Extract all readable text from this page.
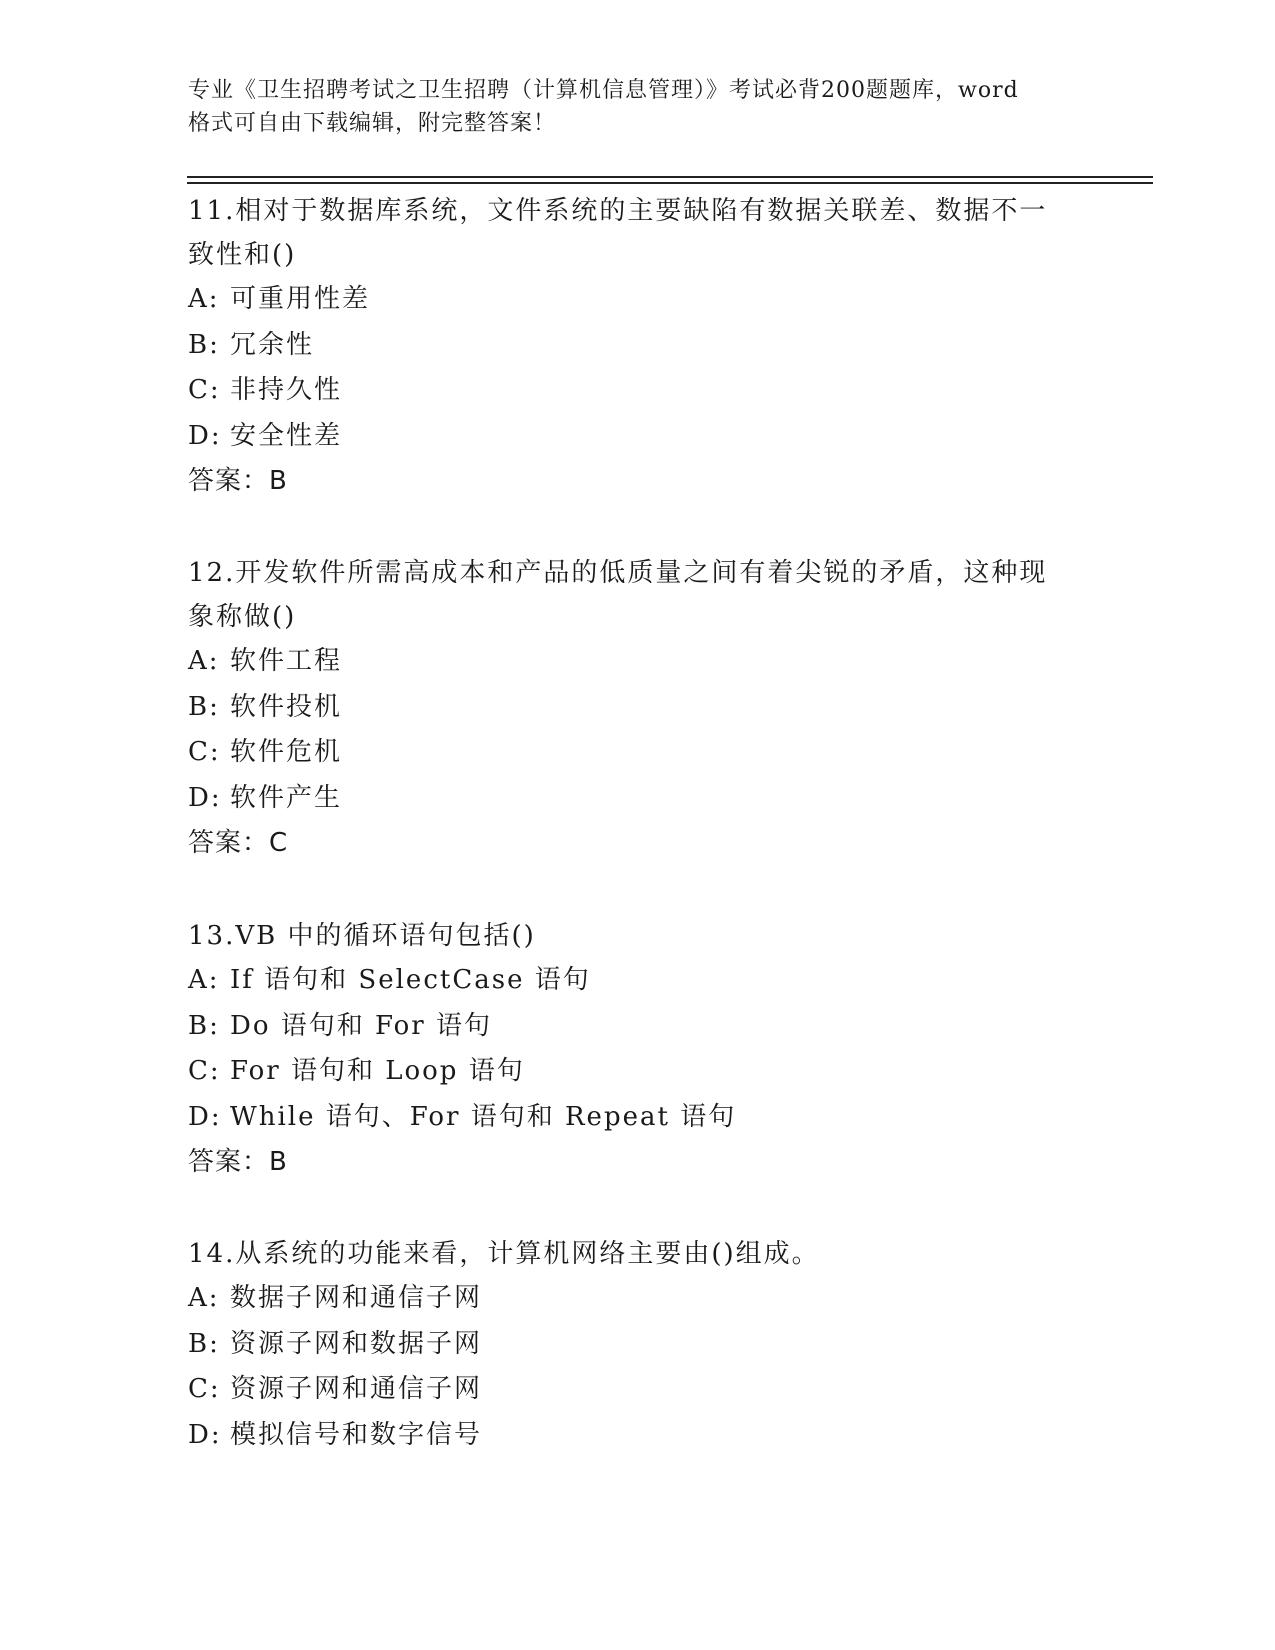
专业《卫生招聘考试之卫生招聘（计算机信息管理）》考试必背200题题库，word
格式可自由下载编辑，附完整答案！

11.相对于数据库系统，文件系统的主要缺陷有数据关联差、数据不一
致性和()

A: 可重用性差

B: 冗余性

C: 非持久性

D: 安全性差

答案：B

12.开发软件所需高成本和产品的低质量之间有着尖锐的矛盾，这种现
象称做()

A: 软件工程

B: 软件投机

C: 软件危机

D: 软件产生

答案：C

13.VB 中的循环语句包括()

A: If 语句和 SelectCase 语句

B: Do 语句和 For 语句

C: For 语句和 Loop 语句

D: While 语句、For 语句和 Repeat 语句

答案：B

14.从系统的功能来看，计算机网络主要由()组成。

A: 数据子网和通信子网

B: 资源子网和数据子网

C: 资源子网和通信子网

D: 模拟信号和数字信号
